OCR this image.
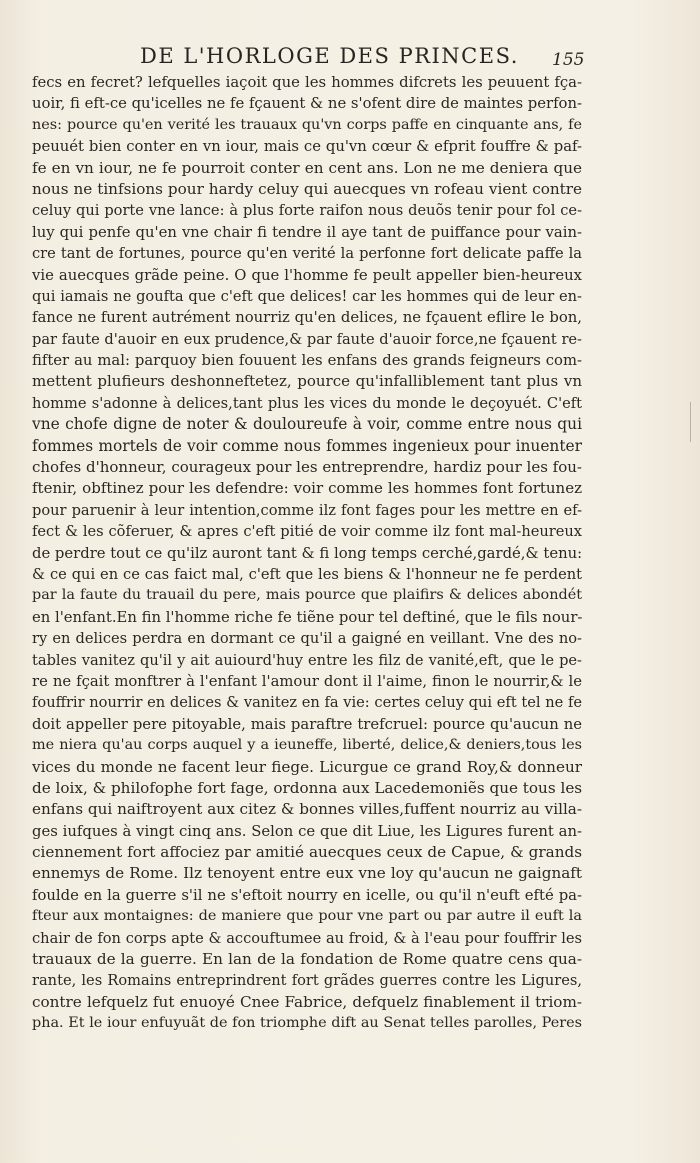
DE L'HORLOGE DES PRINCES. 155
fecs en fecret? lefquelles iaçoit que les hommes difcrets les peuuent fça-
uoir, fi eft-ce qu'icelles ne fe fçauent & ne s'ofent dire de maintes perfon-
nes: pource qu'en verité les trauaux qu'vn corps paffe en cinquante ans, fe
peuuét bien conter en vn iour, mais ce qu'vn cœur & efprit fouffre & paf-
fe en vn iour, ne fe pourroit conter en cent ans. Lon ne me deniera que
nous ne tinfsions pour hardy celuy qui auecques vn rofeau vient contre
celuy qui porte vne lance: à plus forte raifon nous deuõs tenir pour fol ce-
luy qui penfe qu'en vne chair fi tendre il aye tant de puiffance pour vain-
cre tant de fortunes, pource qu'en verité la perfonne fort delicate paffe la
vie auecques grãde peine. O que l'homme fe peult appeller bien-heureux
qui iamais ne goufta que c'eft que delices! car les hommes qui de leur en-
fance ne furent autrément nourriz qu'en delices, ne fçauent eflire le bon,
par faute d'auoir en eux prudence,& par faute d'auoir force,ne fçauent re-
fifter au mal: parquoy bien fouuent les enfans des grands feigneurs com-
mettent plufieurs deshonneftetez, pource qu'infalliblement tant plus vn
homme s'adonne à delices,tant plus les vices du monde le deçoyuét. C'eft
vne chofe digne de noter & douloureufe à voir, comme entre nous qui
fommes mortels de voir comme nous fommes ingenieux pour inuenter
chofes d'honneur, courageux pour les entreprendre, hardiz pour les fou-
ftenir, obftinez pour les defendre: voir comme les hommes font fortunez
pour paruenir à leur intention,comme ilz font fages pour les mettre en ef-
fect & les cõferuer, & apres c'eft pitié de voir comme ilz font mal-heureux
de perdre tout ce qu'ilz auront tant & fi long temps cerché,gardé,& tenu:
& ce qui en ce cas faict mal, c'eft que les biens & l'honneur ne fe perdent
par la faute du trauail du pere, mais pource que plaifirs & delices abondét
en l'enfant.En fin l'homme riche fe tiẽne pour tel deftiné, que le fils nour-
ry en delices perdra en dormant ce qu'il a gaigné en veillant. Vne des no-
tables vanitez qu'il y ait auiourd'huy entre les filz de vanité,eft, que le pe-
re ne fçait monftrer à l'enfant l'amour dont il l'aime, finon le nourrir,& le
fouffrir nourrir en delices & vanitez en fa vie: certes celuy qui eft tel ne fe
doit appeller pere pitoyable, mais paraftre trefcruel: pource qu'aucun ne
me niera qu'au corps auquel y a ieuneffe, liberté, delice,& deniers,tous les
vices du monde ne facent leur fiege. Licurgue ce grand Roy,& donneur
de loix, & philofophe fort fage, ordonna aux Lacedemoniẽs que tous les
enfans qui naiftroyent aux citez & bonnes villes,fuffent nourriz au villa-
ges iufques à vingt cinq ans. Selon ce que dit Liue, les Ligures furent an-
ciennement fort affociez par amitié auecques ceux de Capue, & grands
ennemys de Rome. Ilz tenoyent entre eux vne loy qu'aucun ne gaignaft
foulde en la guerre s'il ne s'eftoit nourry en icelle, ou qu'il n'euft efté pa-
fteur aux montaignes: de maniere que pour vne part ou par autre il euft la
chair de fon corps apte & accouftumee au froid, & à l'eau pour fouffrir les
trauaux de la guerre. En lan de la fondation de Rome quatre cens qua-
rante, les Romains entreprindrent fort grãdes guerres contre les Ligures,
contre lefquelz fut enuoyé Cnee Fabrice, defquelz finablement il triom-
pha. Et le iour enfuyuãt de fon triomphe dift au Senat telles parolles, Peres
